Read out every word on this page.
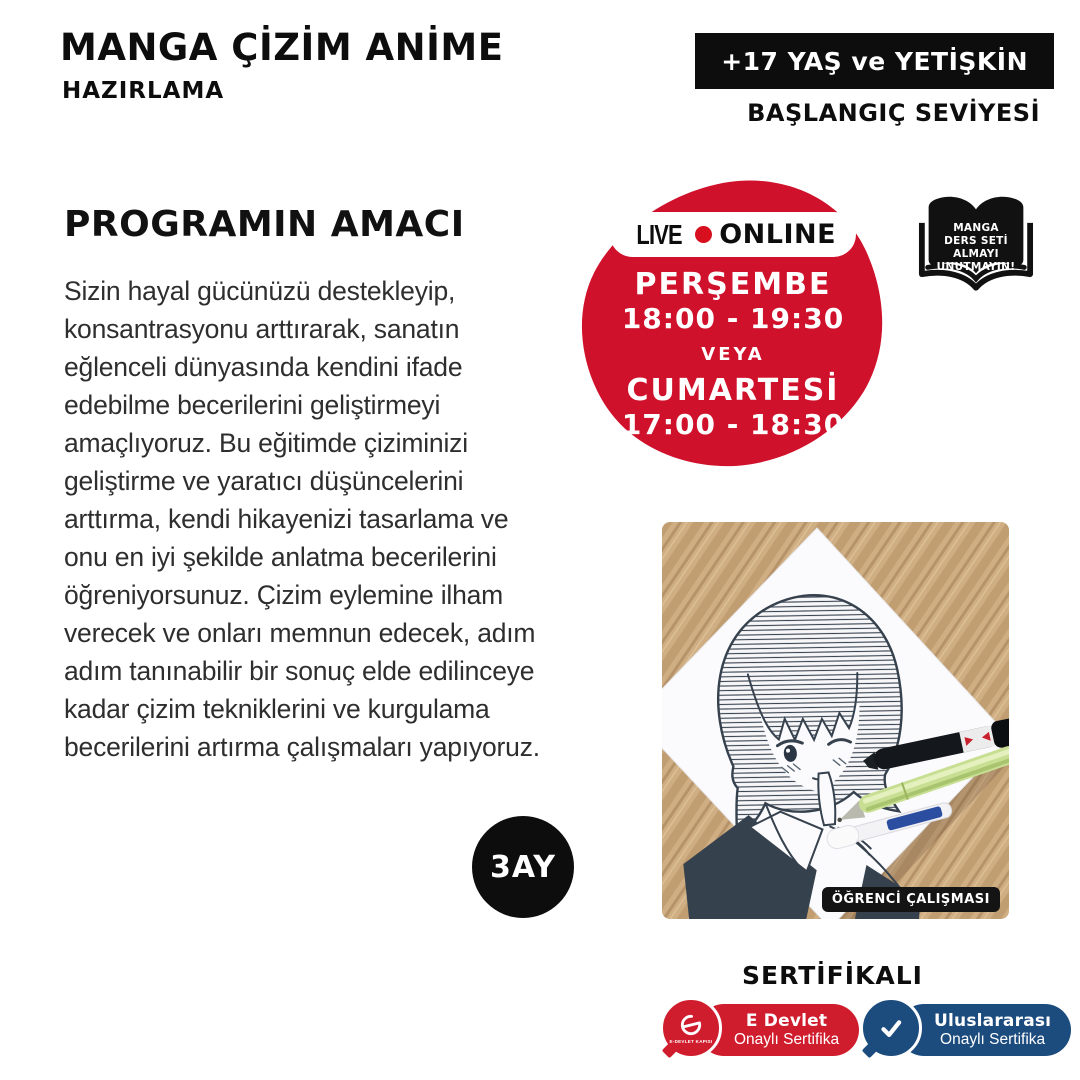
MANGA ÇİZİM ANİME
HAZIRLAMA
+17 YAŞ ve YETİŞKİN
BAŞLANGIÇ SEVİYESİ
PROGRAMIN AMACI
Sizin hayal gücünüzü destekleyip, konsantrasyonu arttırarak, sanatın eğlenceli dünyasında kendini ifade edebilme becerilerini geliştirmeyi amaçlıyoruz. Bu eğitimde çiziminizi geliştirme ve yaratıcı düşüncelerini arttırma, kendi hikayenizi tasarlama ve onu en iyi şekilde anlatma becerilerini öğreniyorsunuz. Çizim eylemine ilham verecek ve onları memnun edecek, adım adım tanınabilir bir sonuç elde edilinceye kadar çizim tekniklerini ve kurgulama becerilerini artırma çalışmaları yapıyoruz.
LIVE ONLINE
PERŞEMBE
18:00 - 19:30
VEYA
CUMARTESİ
17:00 - 18:30
MANGA
DERS SETİ
ALMAYI
UNUTMAYIN!
ÖĞRENCİ ÇALIŞMASI
3AY
SERTİFİKALI
E-DEVLET KAPISI
E Devlet
Onaylı Sertifika
Uluslararası
Onaylı Sertifika
